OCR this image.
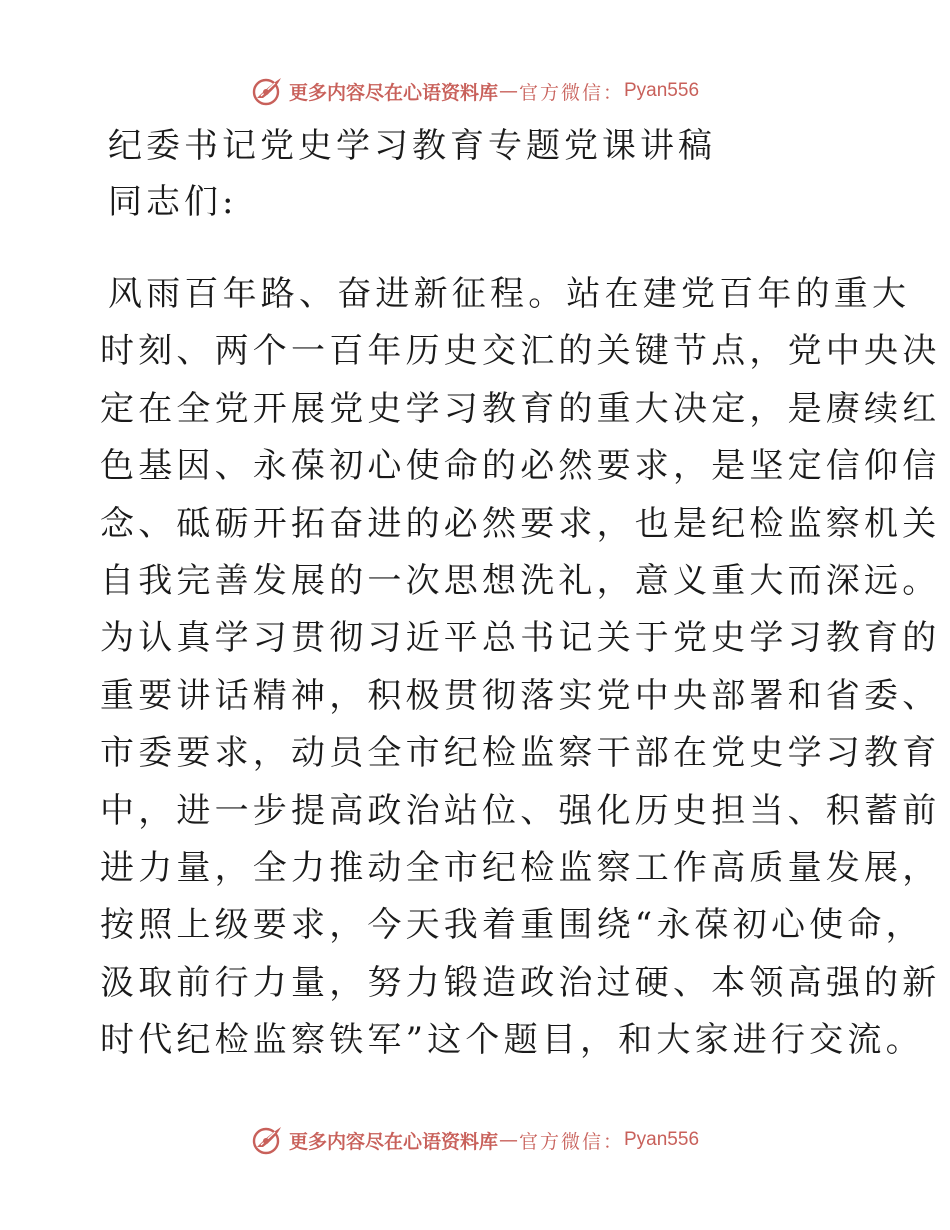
更多内容尽在心语资料库 — 官方微信： Pyan556
纪委书记党史学习教育专题党课讲稿
同志们:
风雨百年路、奋进新征程。站在建党百年的重大
时刻、两个一百年历史交汇的关键节点，党中央决
定在全党开展党史学习教育的重大决定，是赓续红
色基因、永葆初心使命的必然要求，是坚定信仰信
念、砥砺开拓奋进的必然要求，也是纪检监察机关
自我完善发展的一次思想洗礼，意义重大而深远。
为认真学习贯彻习近平总书记关于党史学习教育的
重要讲话精神，积极贯彻落实党中央部署和省委、
市委要求，动员全市纪检监察干部在党史学习教育
中，进一步提高政治站位、强化历史担当、积蓄前
进力量，全力推动全市纪检监察工作高质量发展，
按照上级要求，今天我着重围绕“永葆初心使命，
汲取前行力量，努力锻造政治过硬、本领高强的新
时代纪检监察铁军”这个题目，和大家进行交流。
更多内容尽在心语资料库 — 官方微信： Pyan556
